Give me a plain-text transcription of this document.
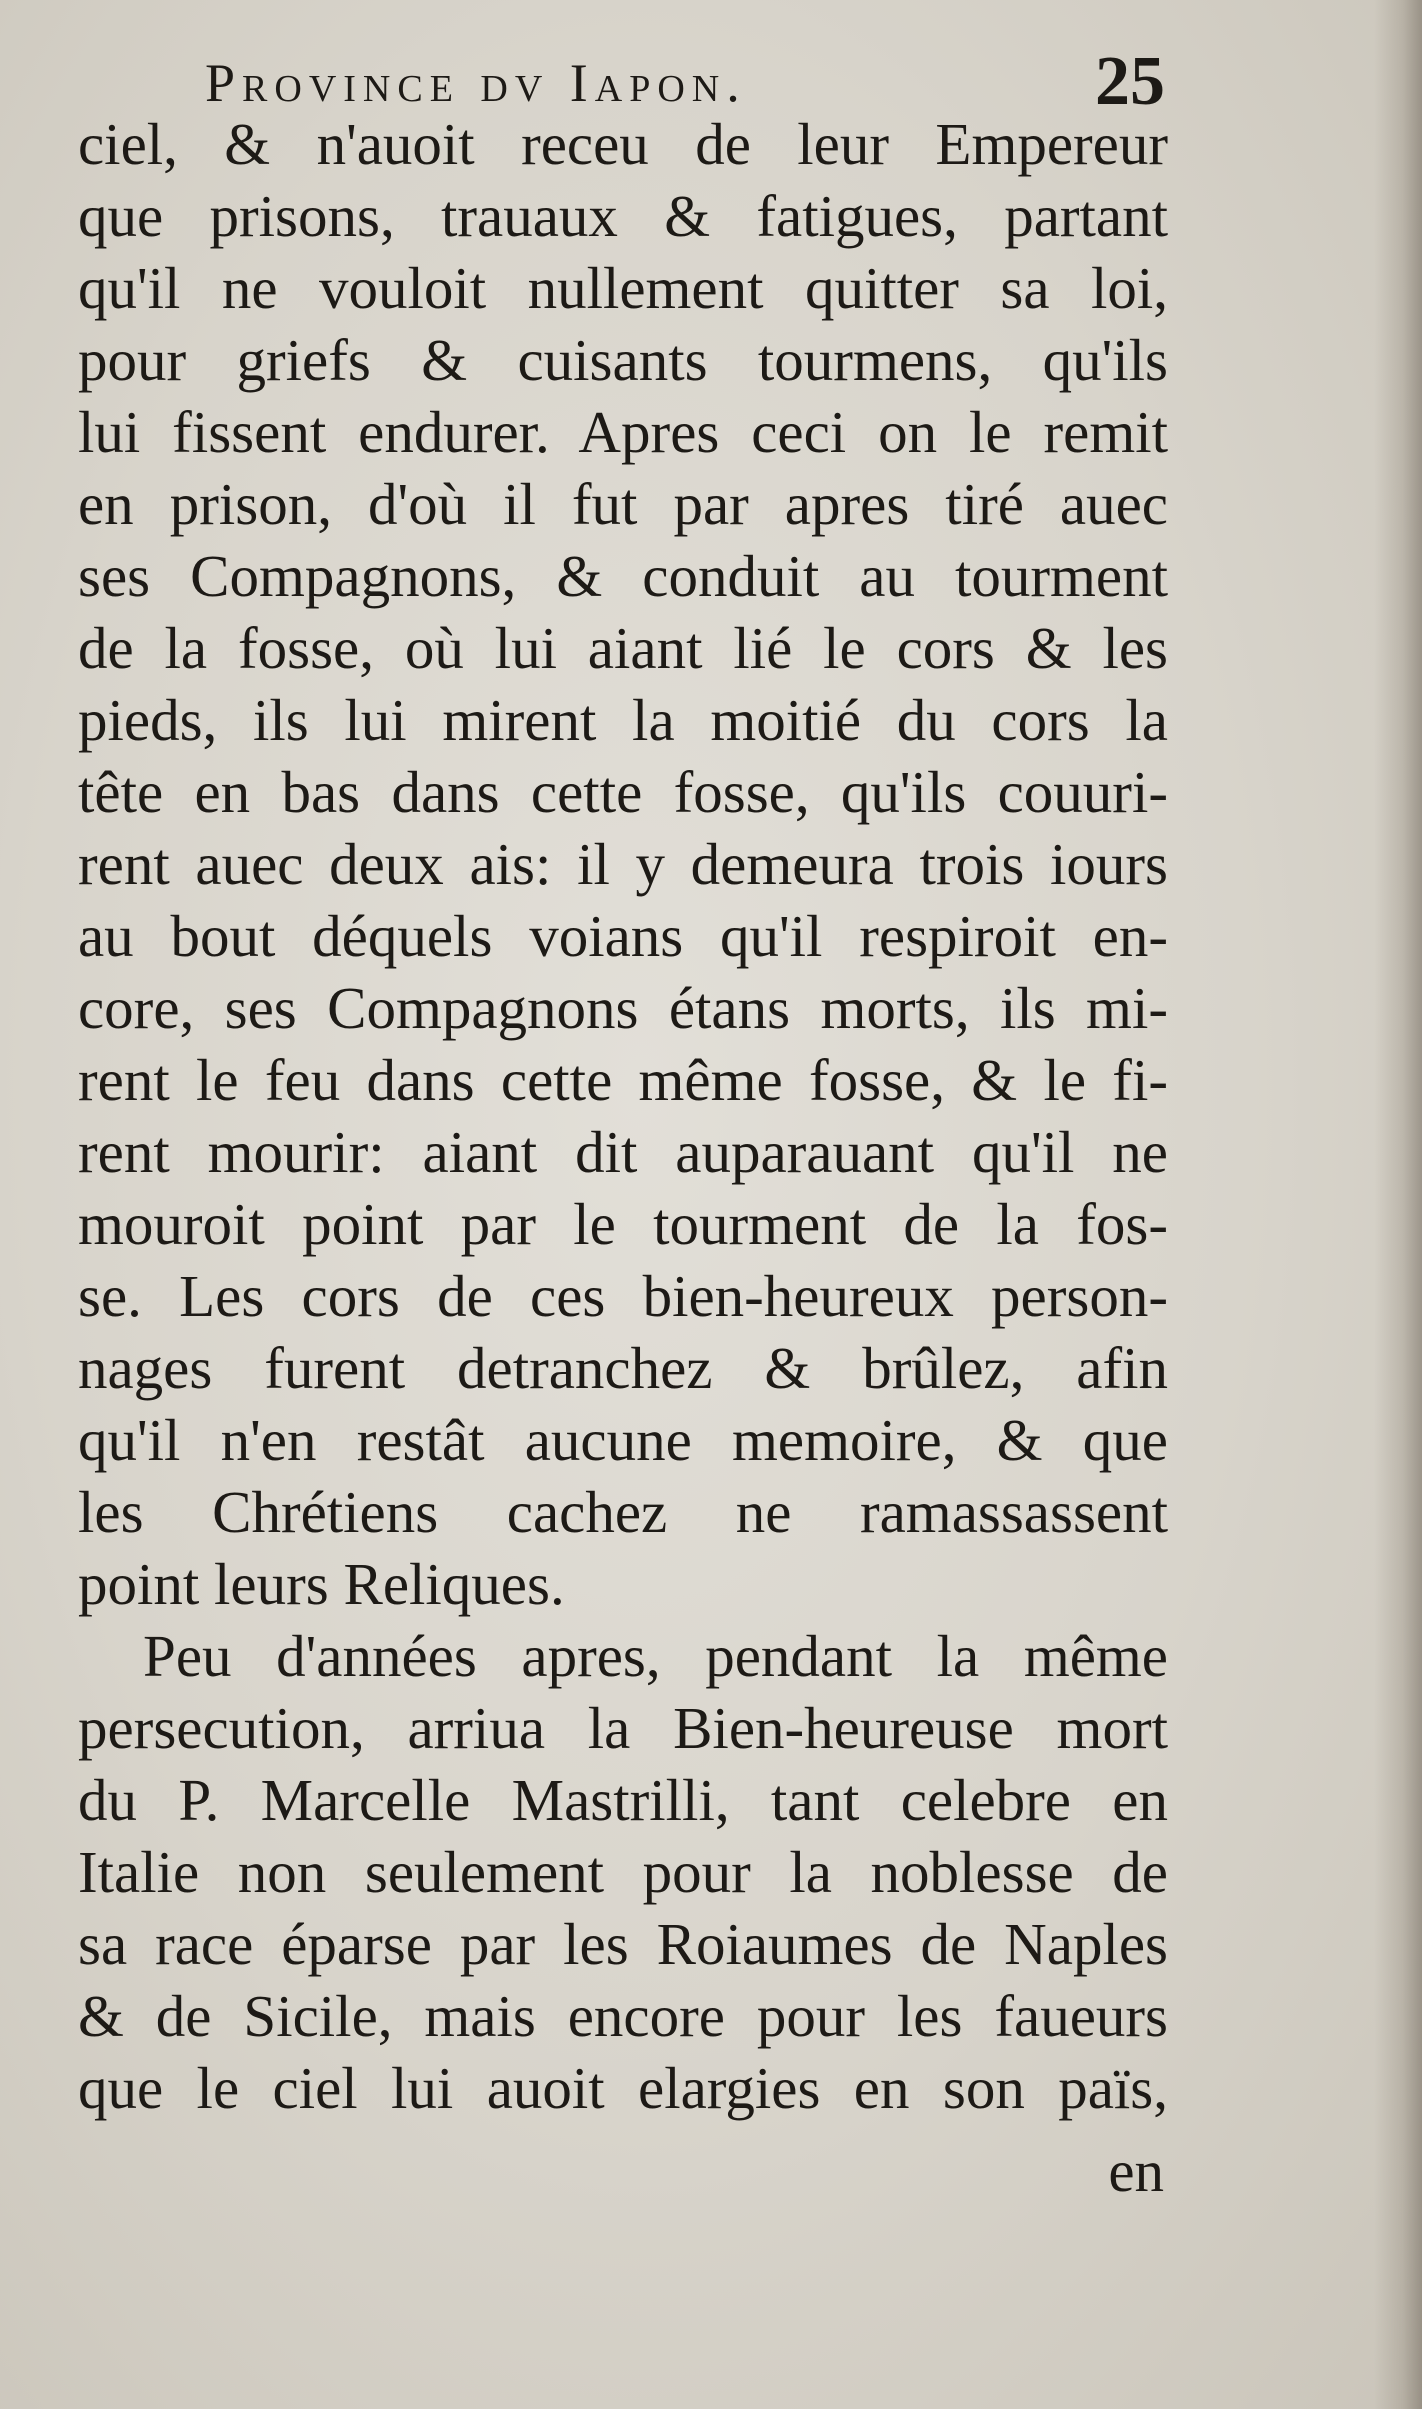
Province dv Iapon.	25
ciel, & n'auoit receu de leur Empereur
que prisons, trauaux & fatigues, partant
qu'il ne vouloit nullement quitter sa loi,
pour griefs & cuisants tourmens, qu'ils
lui fissent endurer. Apres ceci on le remit
en prison, d'où il fut par apres tiré auec
ses Compagnons, & conduit au tourment
de la fosse, où lui aiant lié le cors & les
pieds, ils lui mirent la moitié du cors la
tête en bas dans cette fosse, qu'ils couuri-
rent auec deux ais: il y demeura trois iours
au bout déquels voians qu'il respiroit en-
core, ses Compagnons étans morts, ils mi-
rent le feu dans cette même fosse, & le fi-
rent mourir: aiant dit auparauant qu'il ne
mouroit point par le tourment de la fos-
se. Les cors de ces bien-heureux person-
nages furent detranchez & brûlez, afin
qu'il n'en restât aucune memoire, & que
les Chrétiens cachez ne ramassassent
point leurs Reliques.
Peu d'années apres, pendant la même
persecution, arriua la Bien-heureuse mort
du P. Marcelle Mastrilli, tant celebre en
Italie non seulement pour la noblesse de
sa race éparse par les Roiaumes de Naples
& de Sicile, mais encore pour les faueurs
que le ciel lui auoit elargies en son païs,
en
